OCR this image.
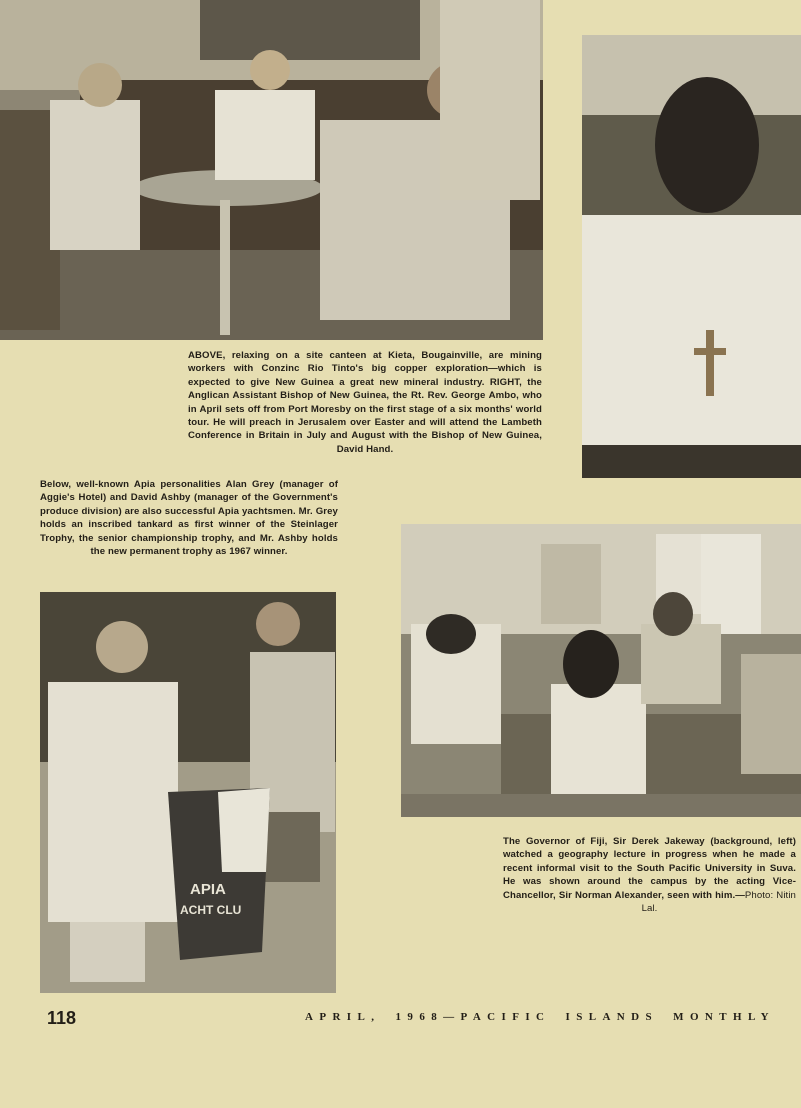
ABOVE, relaxing on a site canteen at Kieta, Bougainville, are mining workers with Conzinc Rio Tinto's big copper exploration—which is expected to give New Guinea a great new mineral industry. RIGHT, the Anglican Assistant Bishop of New Guinea, the Rt. Rev. George Ambo, who in April sets off from Port Moresby on the first stage of a six months' world tour. He will preach in Jerusalem over Easter and will attend the Lambeth Conference in Britain in July and August with the Bishop of New Guinea, David Hand.
Below, well-known Apia personalities Alan Grey (manager of Aggie's Hotel) and David Ashby (manager of the Government's produce division) are also successful Apia yachtsmen. Mr. Grey holds an inscribed tankard as first winner of the Steinlager Trophy, the senior championship trophy, and Mr. Ashby holds the new permanent trophy as 1967 winner.
APIA
ACHT CLU
The Governor of Fiji, Sir Derek Jakeway (background, left) watched a geography lecture in progress when he made a recent informal visit to the South Pacific University in Suva. He was shown around the campus by the acting Vice-Chancellor, Sir Norman Alexander, seen with him.—Photo: Nitin Lal.
118	APRIL, 1968—PACIFIC ISLANDS MONTHLY
